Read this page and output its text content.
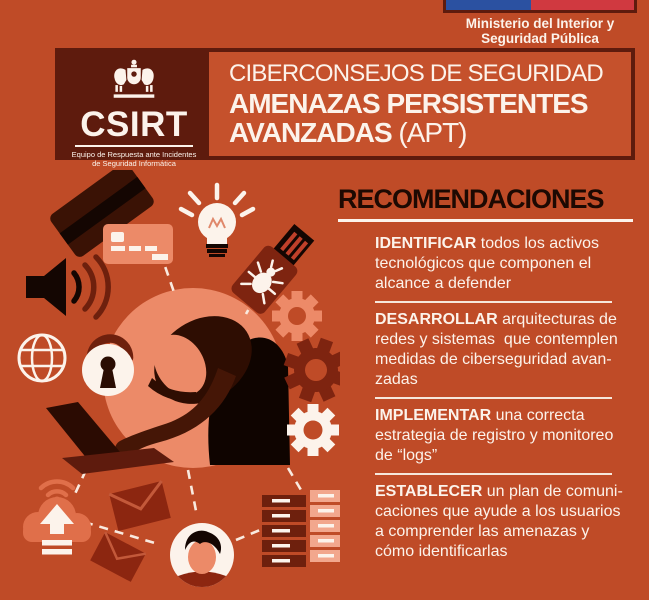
Ministerio del Interior y
Seguridad Pública
CSIRT
Equipo de Respuesta ante Incidentes
de Seguridad Informática
CIBERCONSEJOS DE SEGURIDAD
AMENAZAS PERSISTENTES
AVANZADAS (APT)
RECOMENDACIONES
IDENTIFICAR todos los activos
tecnológicos que componen el
alcance a defender
DESARROLLAR arquitecturas de
redes y sistemas  que contemplen
medidas de ciberseguridad avan-
zadas
IMPLEMENTAR una correcta
estrategia de registro y monitoreo
de “logs”
ESTABLECER un plan de comuni-
caciones que ayude a los usuarios
a comprender las amenazas y
cómo identificarlas
